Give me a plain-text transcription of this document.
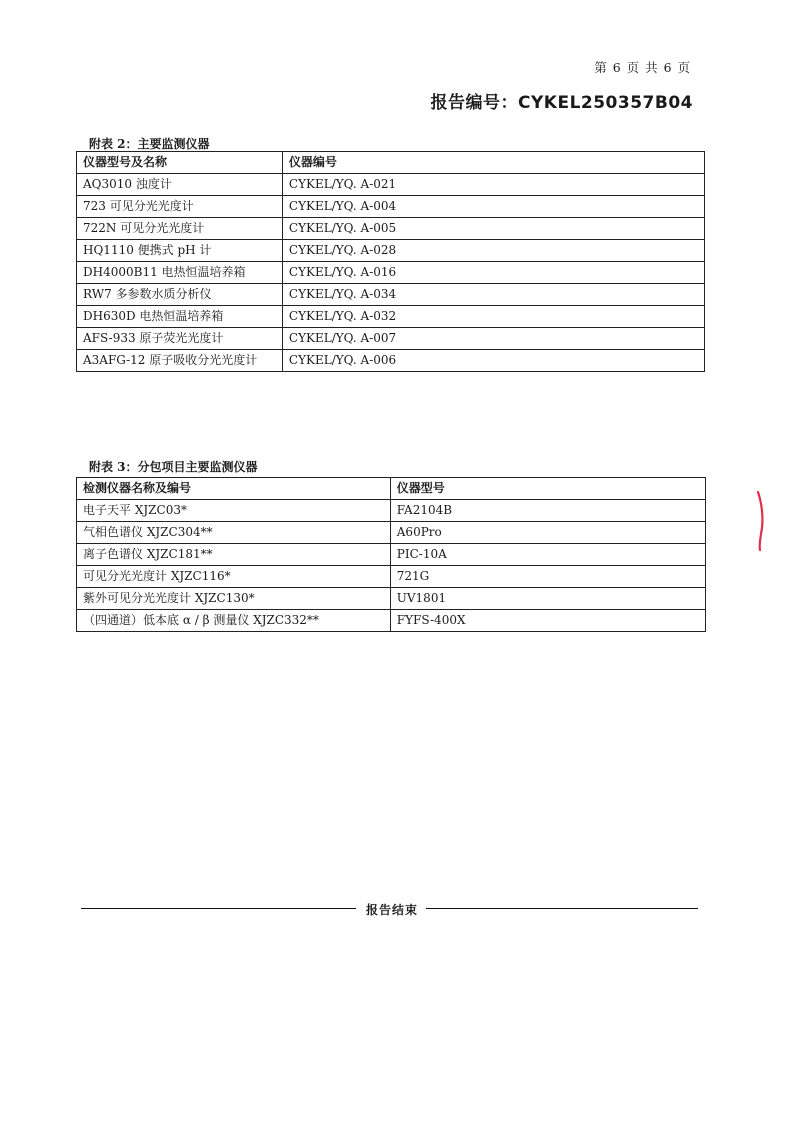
第 6 页 共 6 页
报告编号：CYKEL250357B04
附表 2：主要监测仪器
仪器型号及名称	仪器编号
AQ3010 浊度计	CYKEL/YQ. A-021
723 可见分光光度计	CYKEL/YQ. A-004
722N 可见分光光度计	CYKEL/YQ. A-005
HQ1110 便携式 pH 计	CYKEL/YQ. A-028
DH4000B11 电热恒温培养箱	CYKEL/YQ. A-016
RW7 多参数水质分析仪	CYKEL/YQ. A-034
DH630D 电热恒温培养箱	CYKEL/YQ. A-032
AFS-933 原子荧光光度计	CYKEL/YQ. A-007
A3AFG-12 原子吸收分光光度计	CYKEL/YQ. A-006
附表 3：分包项目主要监测仪器
检测仪器名称及编号	仪器型号
电子天平 XJZC03*	FA2104B
气相色谱仪 XJZC304**	A60Pro
离子色谱仪 XJZC181**	PIC-10A
可见分光光度计 XJZC116*	721G
紫外可见分光光度计 XJZC130*	UV1801
（四通道）低本底 α / β 测量仪 XJZC332**	FYFS-400X
报告结束
